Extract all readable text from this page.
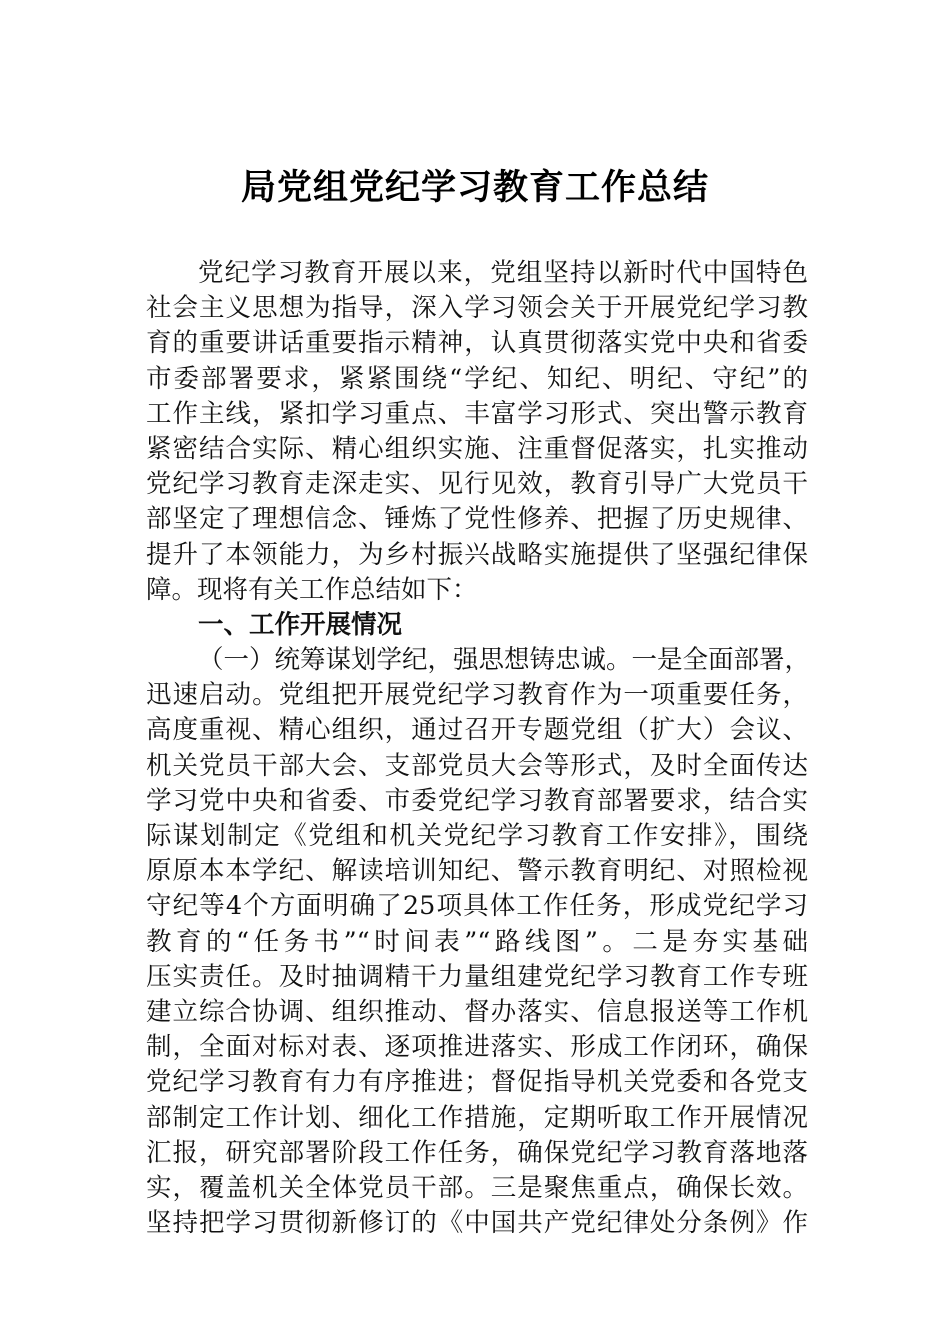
局党组党纪学习教育工作总结
党纪学习教育开展以来，党组坚持以新时代中国特色
社会主义思想为指导，深入学习领会关于开展党纪学习教
育的重要讲话重要指示精神，认真贯彻落实党中央和省委
市委部署要求，紧紧围绕“学纪、知纪、明纪、守纪”的
工作主线，紧扣学习重点、丰富学习形式、突出警示教育
紧密结合实际、精心组织实施、注重督促落实，扎实推动
党纪学习教育走深走实、见行见效，教育引导广大党员干
部坚定了理想信念、锤炼了党性修养、把握了历史规律、
提升了本领能力，为乡村振兴战略实施提供了坚强纪律保
障。现将有关工作总结如下：
一、工作开展情况
（一）统筹谋划学纪，强思想铸忠诚。一是全面部署，
迅速启动。党组把开展党纪学习教育作为一项重要任务，
高度重视、精心组织，通过召开专题党组（扩大）会议、
机关党员干部大会、支部党员大会等形式，及时全面传达
学习党中央和省委、市委党纪学习教育部署要求，结合实
际谋划制定《党组和机关党纪学习教育工作安排》，围绕
原原本本学纪、解读培训知纪、警示教育明纪、对照检视
守纪等4个方面明确了25项具体工作任务，形成党纪学习
教育的“任务书”“时间表”“路线图”。二是夯实基础
压实责任。及时抽调精干力量组建党纪学习教育工作专班
建立综合协调、组织推动、督办落实、信息报送等工作机
制，全面对标对表、逐项推进落实、形成工作闭环，确保
党纪学习教育有力有序推进；督促指导机关党委和各党支
部制定工作计划、细化工作措施，定期听取工作开展情况
汇报，研究部署阶段工作任务，确保党纪学习教育落地落
实，覆盖机关全体党员干部。三是聚焦重点，确保长效。
坚持把学习贯彻新修订的《中国共产党纪律处分条例》作
